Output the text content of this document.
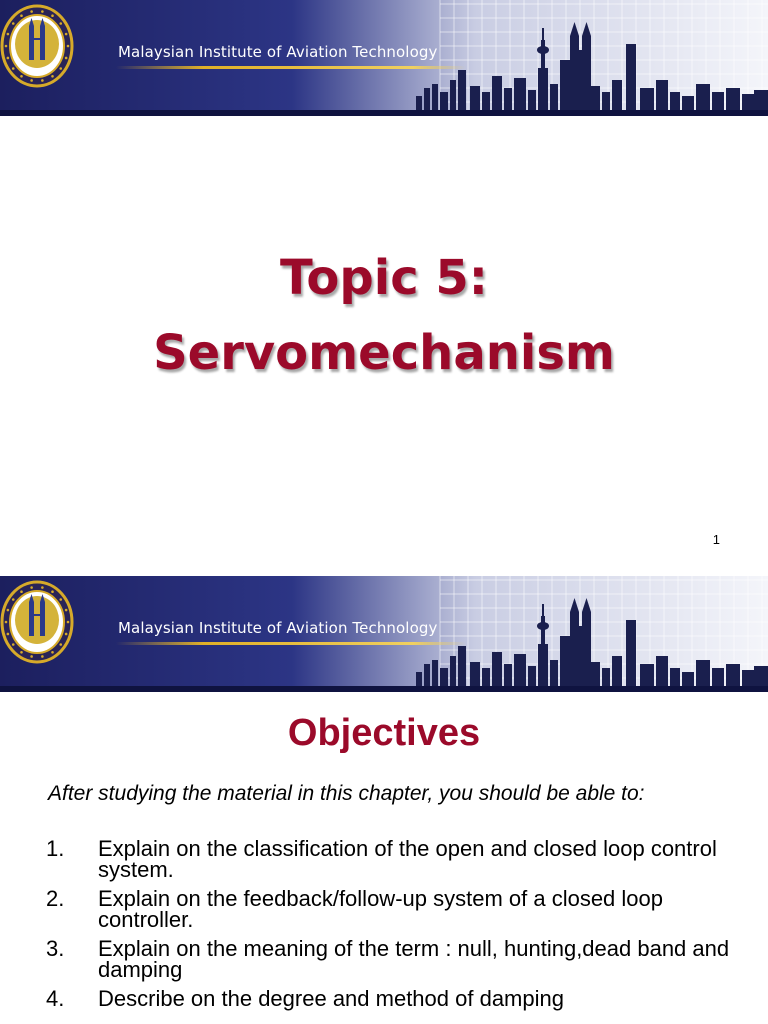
Malaysian Institute of Aviation Technology
Topic 5:
Servomechanism
1
Malaysian Institute of Aviation Technology
Objectives
After studying the material in this chapter, you should be able to:
1. Explain on the classification of the open and closed loop control system.
2. Explain on the feedback/follow-up system of a closed loop controller.
3. Explain on the meaning of the term : null, hunting,dead band and damping
4. Describe on the degree and method of damping
